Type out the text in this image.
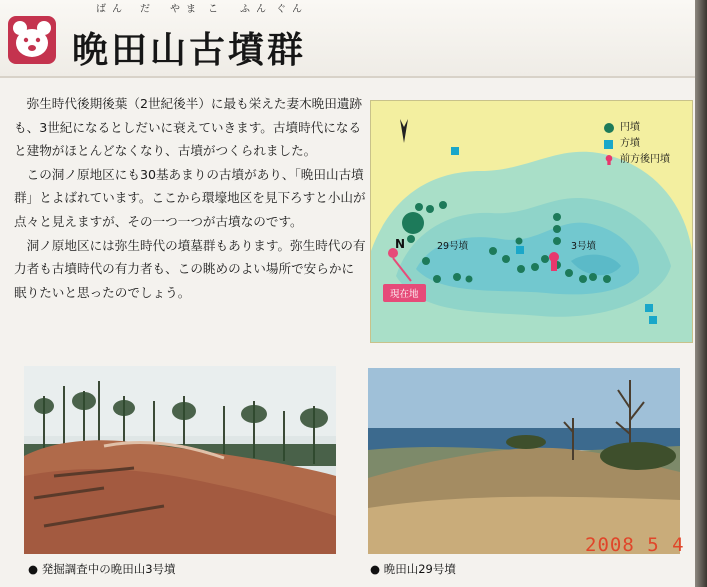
ばん だ やま こ ふん ぐん
晩田山古墳群

　弥生時代後期後葉（2世紀後半）に最も栄えた妻木晩田遺跡も、3世紀になるとしだいに衰えていきます。古墳時代になると建物がほとんどなくなり、古墳がつくられました。

　この洞ノ原地区にも30基あまりの古墳があり、「晩田山古墳群」とよばれています。ここから環壕地区を見下ろすと小山が点々と見えますが、その一つ一つが古墳なのです。

　洞ノ原地区には弥生時代の墳墓群もあります。弥生時代の有力者も古墳時代の有力者も、この眺めのよい場所で安らかに眠りたいと思ったのでしょう。

N	29号墳	3号墳
現在地
円墳
方墳
前方後円墳
● 発掘調査中の晩田山3号墳	● 晩田山29号墳
2008 5 4
